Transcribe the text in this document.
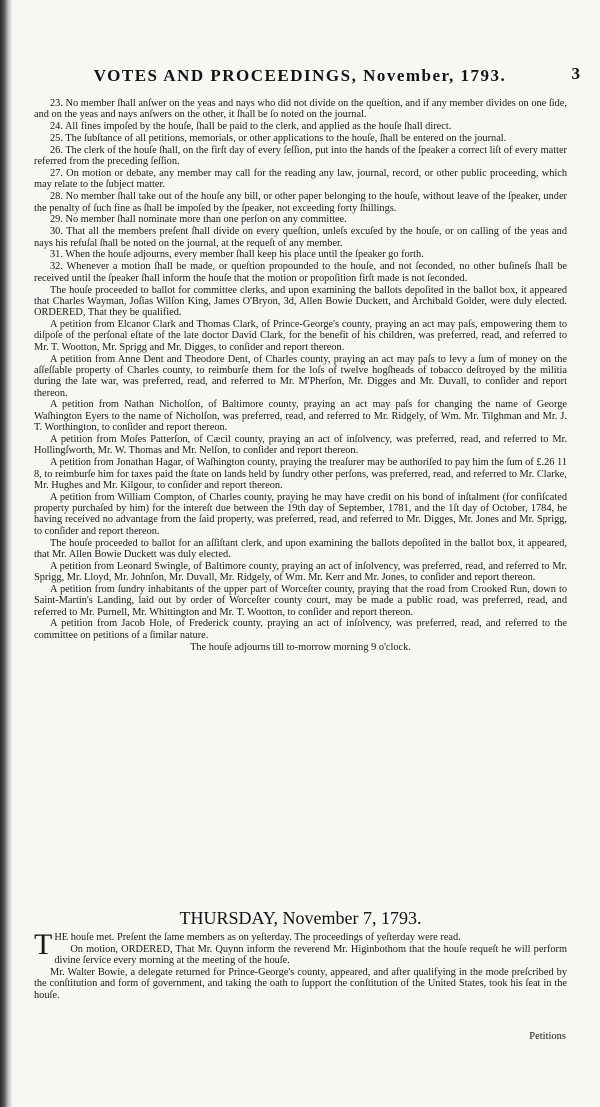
VOTES AND PROCEEDINGS, November, 1793.	3

23. No member ſhall anſwer on the yeas and nays who did not divide on the queſtion, and if any member divides on one ſide, and on the yeas and nays anſwers on the other, it ſhall be ſo noted on the journal.

24. All fines impoſed by the houſe, ſhall be paid to the clerk, and applied as the houſe ſhall direct.

25. The ſubſtance of all petitions, memorials, or other applications to the houſe, ſhall be entered on the journal.

26. The clerk of the houſe ſhall, on the firſt day of every ſeſſion, put into the hands of the ſpeaker a correct liſt of every matter referred from the preceding ſeſſion.

27. On motion or debate, any member may call for the reading any law, journal, record, or other public proceeding, which may relate to the ſubject matter.

28. No member ſhall take out of the houſe any bill, or other paper belonging to the houſe, without leave of the ſpeaker, under the penalty of ſuch fine as ſhall be impoſed by the ſpeaker, not exceeding forty ſhillings.

29. No member ſhall nominate more than one perſon on any committee.

30. That all the members preſent ſhall divide on every queſtion, unleſs excuſed by the houſe, or on calling of the yeas and nays his refuſal ſhall be noted on the journal, at the requeſt of any member.

31. When the houſe adjourns, every member ſhall keep his place until the ſpeaker go forth.

32. Whenever a motion ſhall be made, or queſtion propounded to the houſe, and not ſeconded, no other buſineſs ſhall be received until the ſpeaker ſhall inform the houſe that the motion or propoſition firſt made is not ſeconded.

The houſe proceeded to ballot for committee clerks, and upon examining the ballots depoſited in the ballot box, it appeared that Charles Wayman, Joſias Wilſon King, James O'Bryon, 3d, Allen Bowie Duckett, and Archibald Golder, were duly elected. ORDERED, That they be qualified.

A petition from Elcanor Clark and Thomas Clark, of Prince-George's county, praying an act may paſs, empowering them to diſpoſe of the perſonal eſtate of the late doctor David Clark, for the benefit of his children, was preferred, read, and referred to Mr. T. Wootton, Mr. Sprigg and Mr. Digges, to conſider and report thereon.

A petition from Anne Dent and Theodore Dent, of Charles county, praying an act may paſs to levy a ſum of money on the aſſeſſable property of Charles county, to reimburſe them for the loſs of twelve hogſheads of tobacco deſtroyed by the militia during the late war, was preferred, read, and referred to Mr. M'Pherſon, Mr. Digges and Mr. Duvall, to conſider and report thereon.

A petition from Nathan Nicholſon, of Baltimore county, praying an act may paſs for changing the name of George Waſhington Eyers to the name of Nicholſon, was preferred, read, and referred to Mr. Ridgely, of Wm. Mr. Tilghman and Mr. J. T. Worthington, to conſider and report thereon.

A petition from Moſes Patterſon, of Cæcil county, praying an act of inſolvency, was preferred, read, and referred to Mr. Hollingſworth, Mr. W. Thomas and Mr. Nelſon, to conſider and report thereon.

A petition from Jonathan Hagar, of Waſhington county, praying the treaſurer may be authoriſed to pay him the ſum of £.26 11 8, to reimburſe him for taxes paid the ſtate on lands held by ſundry other perſons, was preferred, read, and referred to Mr. Clarke, Mr. Hughes and Mr. Kilgour, to conſider and report thereon.

A petition from William Compton, of Charles county, praying he may have credit on his bond of inſtalment (for confiſcated property purchaſed by him) for the intereſt due between the 19th day of September, 1781, and the 1ſt day of October, 1784, he having received no advantage from the ſaid property, was preferred, read, and referred to Mr. Digges, Mr. Jones and Mr. Sprigg, to conſider and report thereon.

The houſe proceeded to ballot for an aſſiſtant clerk, and upon examining the ballots depoſited in the ballot box, it appeared, that Mr. Allen Bowie Duckett was duly elected.

A petition from Leonard Swingle, of Baltimore county, praying an act of inſolvency, was preferred, read, and referred to Mr. Sprigg, Mr. Lloyd, Mr. Johnſon, Mr. Duvall, Mr. Ridgely, of Wm. Mr. Kerr and Mr. Jones, to conſider and report thereon.

A petition from ſundry inhabitants of the upper part of Worceſter county, praying that the road from Crooked Run, down to Saint-Martin's Landing, laid out by order of Worceſter county court, may be made a public road, was preferred, read, and referred to Mr. Purnell, Mr. Whittington and Mr. T. Wootton, to conſider and report thereon.

A petition from Jacob Hole, of Frederick county, praying an act of inſolvency, was preferred, read, and referred to the committee on petitions of a ſimilar nature.

The houſe adjourns till to-morrow morning 9 o'clock.

THURSDAY, November 7, 1793.

THE houſe met. Preſent the ſame members as on yeſterday. The proceedings of yeſterday were read.

On motion, ORDERED, That Mr. Quynn inform the reverend Mr. Higinbothom that the houſe requeſt he will perform divine ſervice every morning at the meeting of the houſe.

Mr. Walter Bowie, a delegate returned for Prince-George's county, appeared, and after qualifying in the mode preſcribed by the conſtitution and form of government, and taking the oath to ſupport the conſtitution of the United States, took his ſeat in the houſe.

Petitions
